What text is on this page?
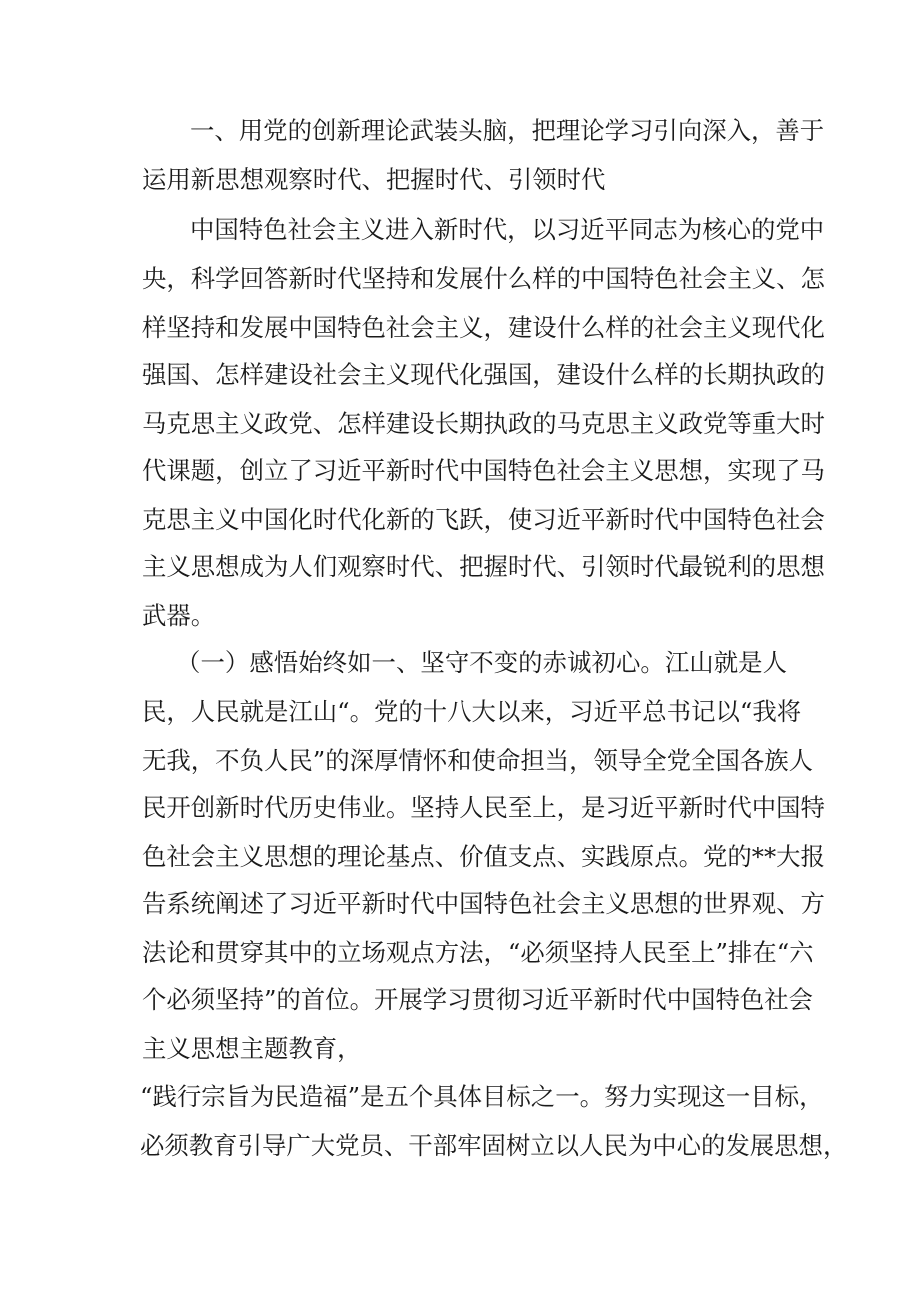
一、用党的创新理论武装头脑，把理论学习引向深入，善于
运用新思想观察时代、把握时代、引领时代
中国特色社会主义进入新时代，以习近平同志为核心的党中
央，科学回答新时代坚持和发展什么样的中国特色社会主义、怎
样坚持和发展中国特色社会主义，建设什么样的社会主义现代化
强国、怎样建设社会主义现代化强国，建设什么样的长期执政的
马克思主义政党、怎样建设长期执政的马克思主义政党等重大时
代课题，创立了习近平新时代中国特色社会主义思想，实现了马
克思主义中国化时代化新的飞跃，使习近平新时代中国特色社会
主义思想成为人们观察时代、把握时代、引领时代最锐利的思想
武器。
（一）感悟始终如一、坚守不变的赤诚初心。江山就是人
民，人民就是江山“。党的十八大以来，习近平总书记以“我将
无我，不负人民”的深厚情怀和使命担当，领导全党全国各族人
民开创新时代历史伟业。坚持人民至上，是习近平新时代中国特
色社会主义思想的理论基点、价值支点、实践原点。党的**大报
告系统阐述了习近平新时代中国特色社会主义思想的世界观、方
法论和贯穿其中的立场观点方法，“必须坚持人民至上”排在“六
个必须坚持”的首位。开展学习贯彻习近平新时代中国特色社会
主义思想主题教育，
“践行宗旨为民造福”是五个具体目标之一。努力实现这一目标，
必须教育引导广大党员、干部牢固树立以人民为中心的发展思想，
